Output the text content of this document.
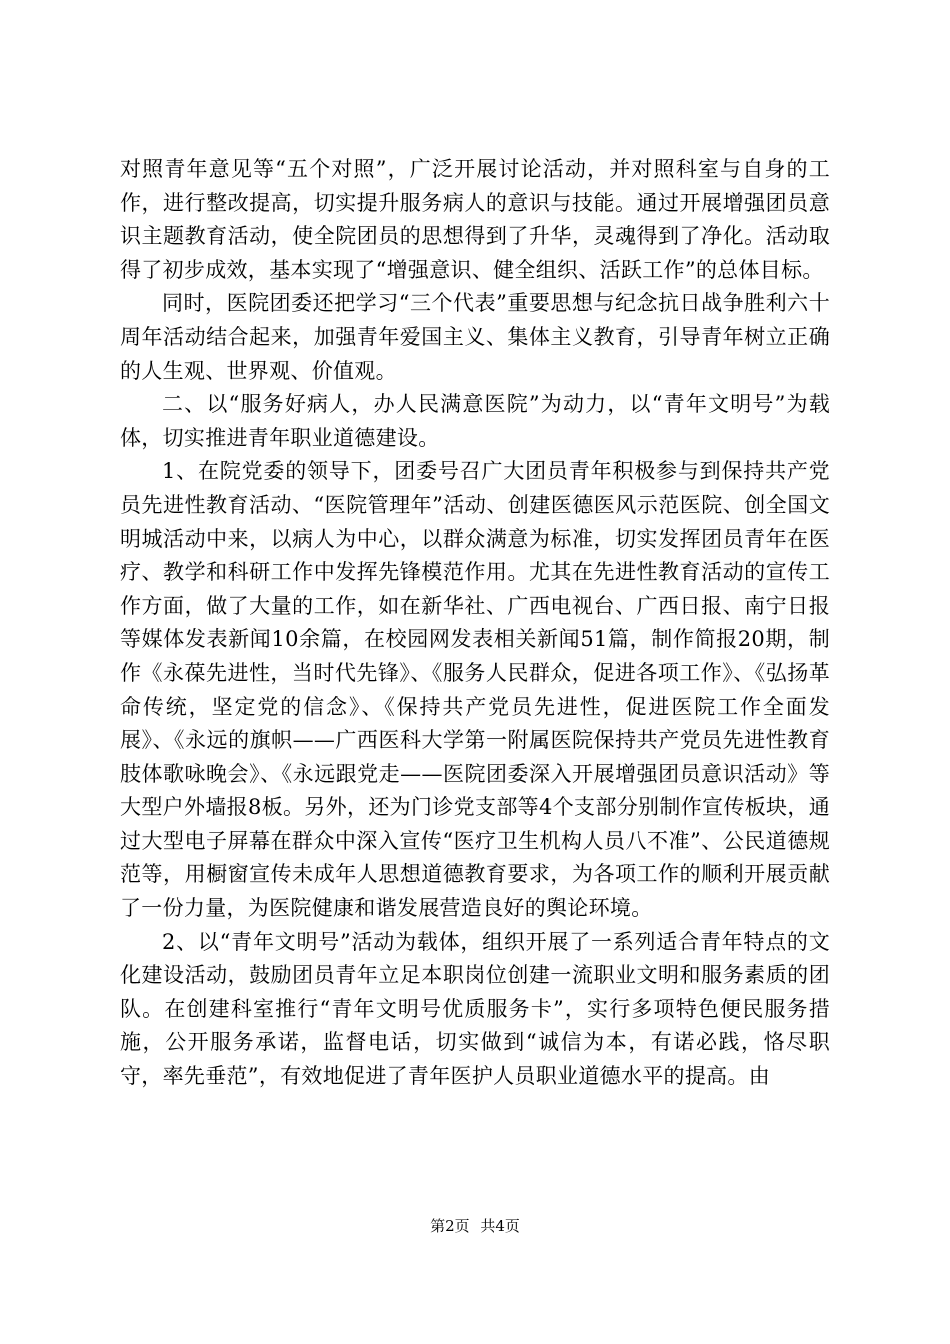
对照青年意见等“五个对照”，广泛开展讨论活动，并对照科室与自身的工作，进行整改提高，切实提升服务病人的意识与技能。通过开展增强团员意识主题教育活动，使全院团员的思想得到了升华，灵魂得到了净化。活动取得了初步成效，基本实现了“增强意识、健全组织、活跃工作”的总体目标。

同时，医院团委还把学习“三个代表”重要思想与纪念抗日战争胜利六十周年活动结合起来，加强青年爱国主义、集体主义教育，引导青年树立正确的人生观、世界观、价值观。

二、以“服务好病人，办人民满意医院”为动力，以“青年文明号”为载体，切实推进青年职业道德建设。

1、在院党委的领导下，团委号召广大团员青年积极参与到保持共产党员先进性教育活动、“医院管理年”活动、创建医德医风示范医院、创全国文明城活动中来，以病人为中心，以群众满意为标准，切实发挥团员青年在医疗、教学和科研工作中发挥先锋模范作用。尤其在先进性教育活动的宣传工作方面，做了大量的工作，如在新华社、广西电视台、广西日报、南宁日报等媒体发表新闻10余篇，在校园网发表相关新闻51篇，制作简报20期，制作《永葆先进性，当时代先锋》、《服务人民群众，促进各项工作》、《弘扬革命传统，坚定党的信念》、《保持共产党员先进性，促进医院工作全面发展》、《永远的旗帜——广西医科大学第一附属医院保持共产党员先进性教育肢体歌咏晚会》、《永远跟党走——医院团委深入开展增强团员意识活动》等大型户外墙报8板。另外，还为门诊党支部等4个支部分别制作宣传板块，通过大型电子屏幕在群众中深入宣传“医疗卫生机构人员八不准”、公民道德规范等，用橱窗宣传未成年人思想道德教育要求，为各项工作的顺利开展贡献了一份力量，为医院健康和谐发展营造良好的舆论环境。

2、以“青年文明号”活动为载体，组织开展了一系列适合青年特点的文化建设活动，鼓励团员青年立足本职岗位创建一流职业文明和服务素质的团队。在创建科室推行“青年文明号优质服务卡”，实行多项特色便民服务措施，公开服务承诺，监督电话，切实做到“诚信为本，有诺必践，恪尽职守，率先垂范”，有效地促进了青年医护人员职业道德水平的提高。由

第2页 共4页
